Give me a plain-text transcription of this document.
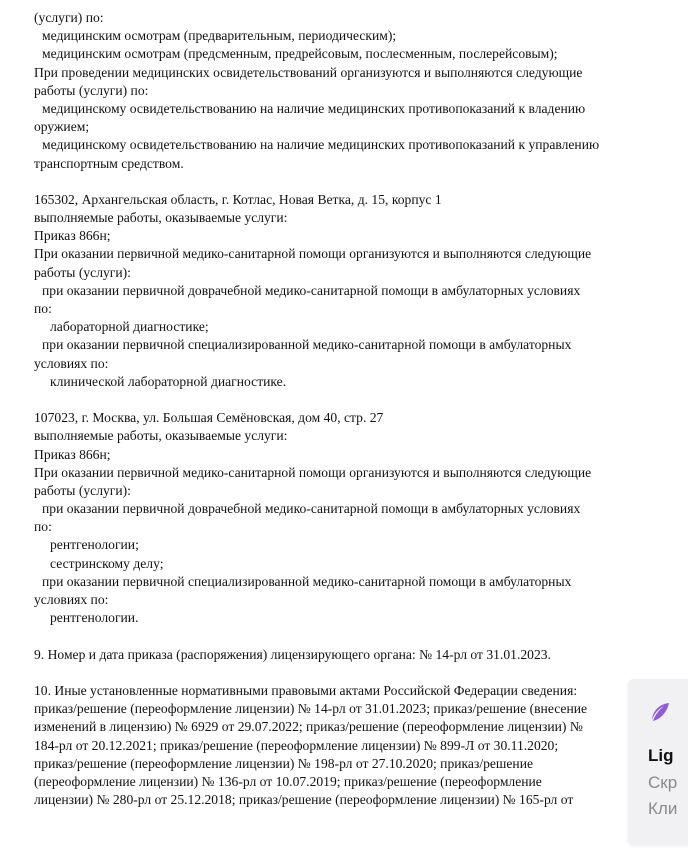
(услуги) по:
медицинским осмотрам (предварительным, периодическим);
медицинским осмотрам (предсменным, предрейсовым, послесменным, послерейсовым);
При проведении медицинских освидетельствований организуются и выполняются следующие
работы (услуги) по:
медицинскому освидетельствованию на наличие медицинских противопоказаний к владению
оружием;
медицинскому освидетельствованию на наличие медицинских противопоказаний к управлению
транспортным средством.
165302, Архангельская область, г. Котлас, Новая Ветка, д. 15, корпус 1
выполняемые работы, оказываемые услуги:
Приказ 866н;
При оказании первичной медико-санитарной помощи организуются и выполняются следующие
работы (услуги):
при оказании первичной доврачебной медико-санитарной помощи в амбулаторных условиях
по:
лабораторной диагностике;
при оказании первичной специализированной медико-санитарной помощи в амбулаторных
условиях по:
клинической лабораторной диагностике.
107023, г. Москва, ул. Большая Семёновская, дом 40, стр. 27
выполняемые работы, оказываемые услуги:
Приказ 866н;
При оказании первичной медико-санитарной помощи организуются и выполняются следующие
работы (услуги):
при оказании первичной доврачебной медико-санитарной помощи в амбулаторных условиях
по:
рентгенологии;
сестринскому делу;
при оказании первичной специализированной медико-санитарной помощи в амбулаторных
условиях по:
рентгенологии.
9. Номер и дата приказа (распоряжения) лицензирующего органа: № 14-рл от 31.01.2023.
10. Иные установленные нормативными правовыми актами Российской Федерации сведения:
приказ/решение (переоформление лицензии) № 14-рл от 31.01.2023; приказ/решение (внесение
изменений в лицензию) № 6929 от 29.07.2022; приказ/решение (переоформление лицензии) №
184-рл от 20.12.2021; приказ/решение (переоформление лицензии) № 899-Л от 30.11.2020;
приказ/решение (переоформление лицензии) № 198-рл от 27.10.2020; приказ/решение
(переоформление лицензии) № 136-рл от 10.07.2019; приказ/решение (переоформление
лицензии) № 280-рл от 25.12.2018; приказ/решение (переоформление лицензии) № 165-рл от
Lig
Скр
Кли
